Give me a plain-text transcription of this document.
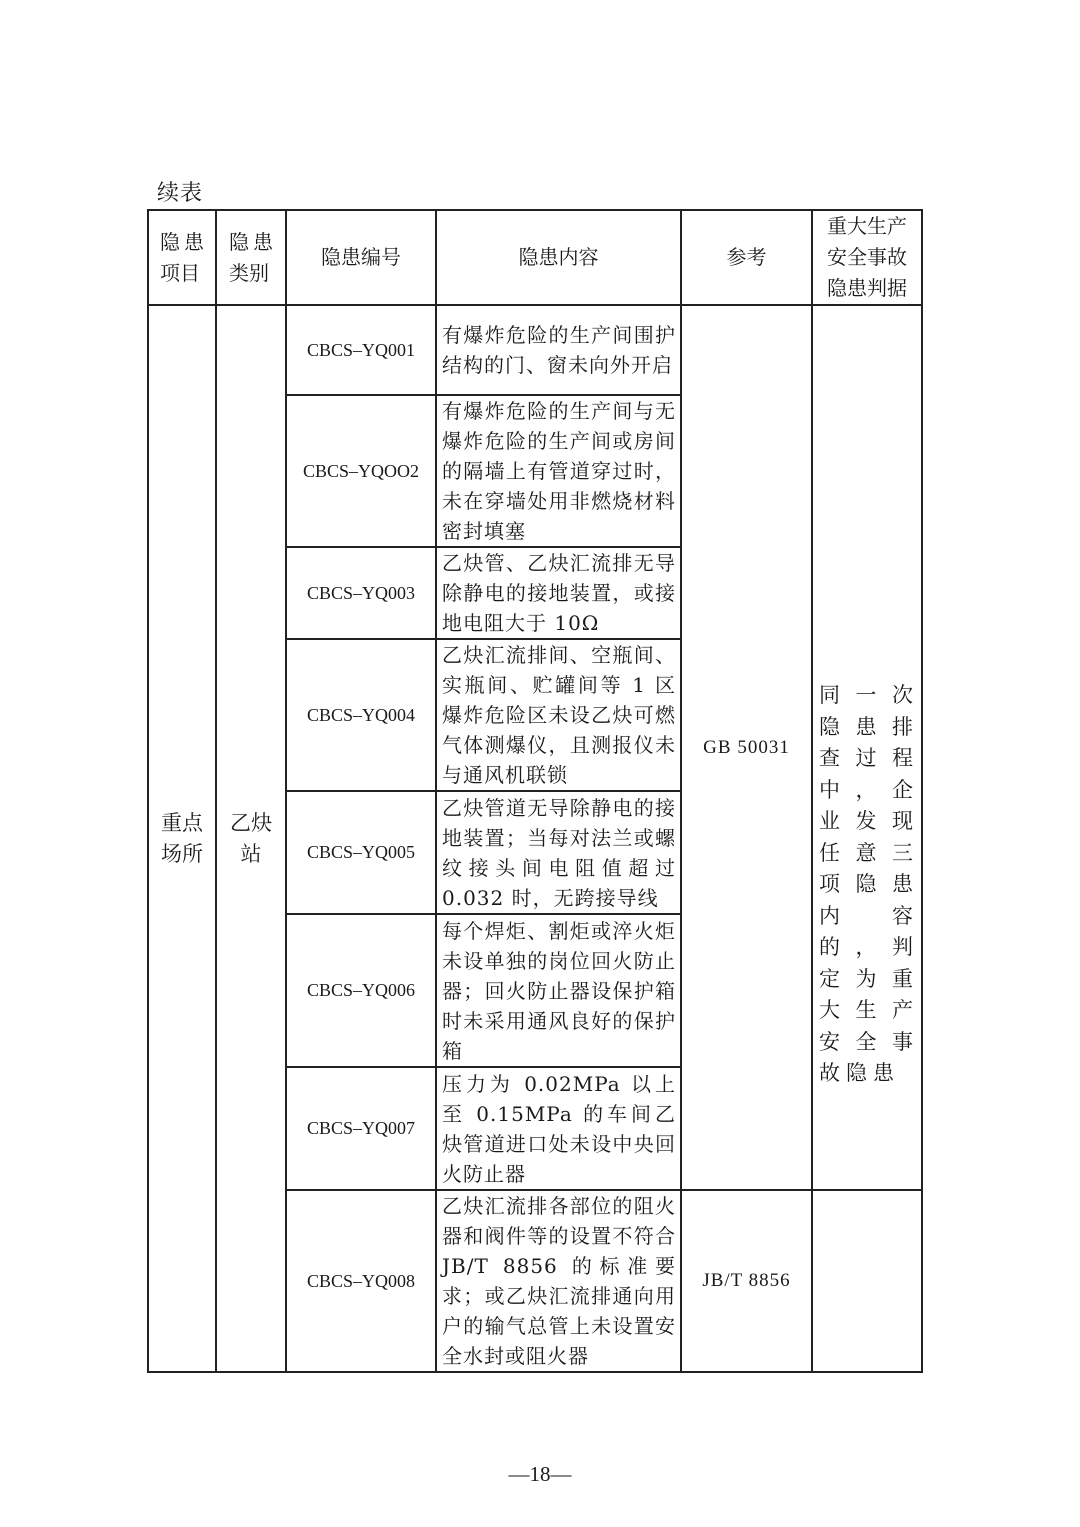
续表
隐患项目	隐患类别	隐患编号	隐患内容	参考	重大生产安全事故隐患判据
重点场所	乙炔站	CBCS–YQ001	有爆炸危险的生产间围护结构的门、窗未向外开启	GB 50031	同一次隐患排查过程中，企业发现任意三项隐患内容的，判定为重大生产安全事故隐患

		CBCS–YQOO2	有爆炸危险的生产间与无爆炸危险的生产间或房间的隔墙上有管道穿过时，未在穿墙处用非燃烧材料密封填塞		
		CBCS–YQ003	乙炔管、乙炔汇流排无导除静电的接地装置，或接地电阻大于 10Ω		
		CBCS–YQ004	乙炔汇流排间、空瓶间、实瓶间、贮罐间等 1 区爆炸危险区未设乙炔可燃气体测爆仪，且测报仪未与通风机联锁		
		CBCS–YQ005	乙炔管道无导除静电的接地装置；当每对法兰或螺纹接头间电阻值超过 0.032 时，无跨接导线		
		CBCS–YQ006	每个焊炬、割炬或淬火炬未设单独的岗位回火防止器；回火防止器设保护箱时未采用通风良好的保护箱		
		CBCS–YQ007	压力为 0.02MPa 以上至 0.15MPa 的车间乙炔管道进口处未设中央回火防止器		
		CBCS–YQ008	乙炔汇流排各部位的阻火器和阀件等的设置不符合 JB/T 8856 的标准要求；或乙炔汇流排通向用户的输气总管上未设置安全水封或阻火器	JB/T 8856	
—18—
